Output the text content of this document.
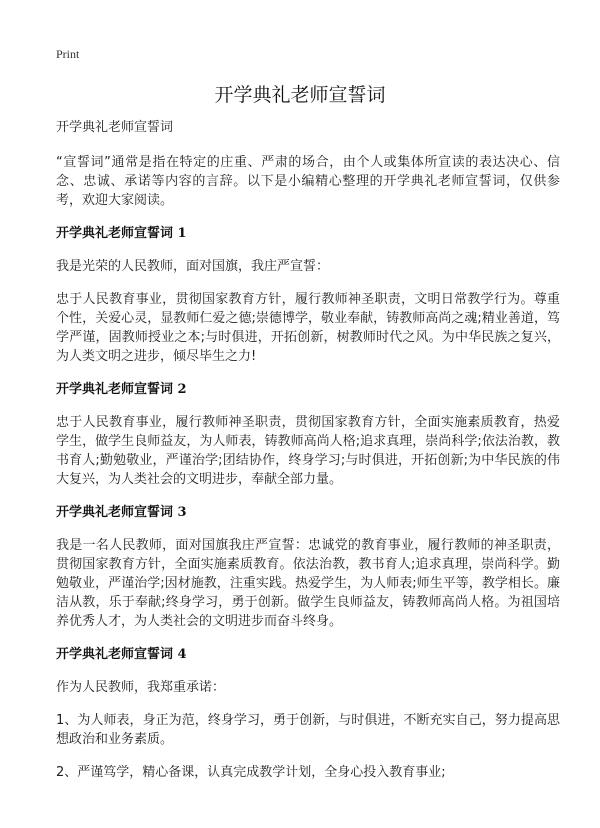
Print
开学典礼老师宣誓词

开学典礼老师宣誓词

“宣誓词”通常是指在特定的庄重、严肃的场合，由个人或集体所宣读的表达决心、信念、忠诚、承诺等内容的言辞。以下是小编精心整理的开学典礼老师宣誓词，仅供参考，欢迎大家阅读。

开学典礼老师宣誓词 1

我是光荣的人民教师，面对国旗，我庄严宣誓：

忠于人民教育事业，贯彻国家教育方针，履行教师神圣职责，文明日常教学行为。尊重个性，关爱心灵，显教师仁爱之德;崇德博学，敬业奉献，铸教师高尚之魂;精业善道，笃学严谨，固教师授业之本;与时俱进，开拓创新，树教师时代之风。为中华民族之复兴，为人类文明之进步，倾尽毕生之力!

开学典礼老师宣誓词 2

忠于人民教育事业，履行教师神圣职责，贯彻国家教育方针，全面实施素质教育，热爱学生，做学生良师益友，为人师表，铸教师高尚人格;追求真理，崇尚科学;依法治教，教书育人;勤勉敬业，严谨治学;团结协作，终身学习;与时俱进，开拓创新;为中华民族的伟大复兴，为人类社会的文明进步，奉献全部力量。

开学典礼老师宣誓词 3

我是一名人民教师，面对国旗我庄严宣誓：忠诚党的教育事业，履行教师的神圣职责，贯彻国家教育方针，全面实施素质教育。依法治教，教书育人;追求真理，崇尚科学。勤勉敬业，严谨治学;因材施教，注重实践。热爱学生，为人师表;师生平等，教学相长。廉洁从教，乐于奉献;终身学习，勇于创新。做学生良师益友，铸教师高尚人格。为祖国培养优秀人才，为人类社会的文明进步而奋斗终身。

开学典礼老师宣誓词 4

作为人民教师，我郑重承诺：

1、为人师表，身正为范，终身学习，勇于创新，与时俱进，不断充实自己，努力提高思想政治和业务素质。

2、严谨笃学，精心备课，认真完成教学计划，全身心投入教育事业;
